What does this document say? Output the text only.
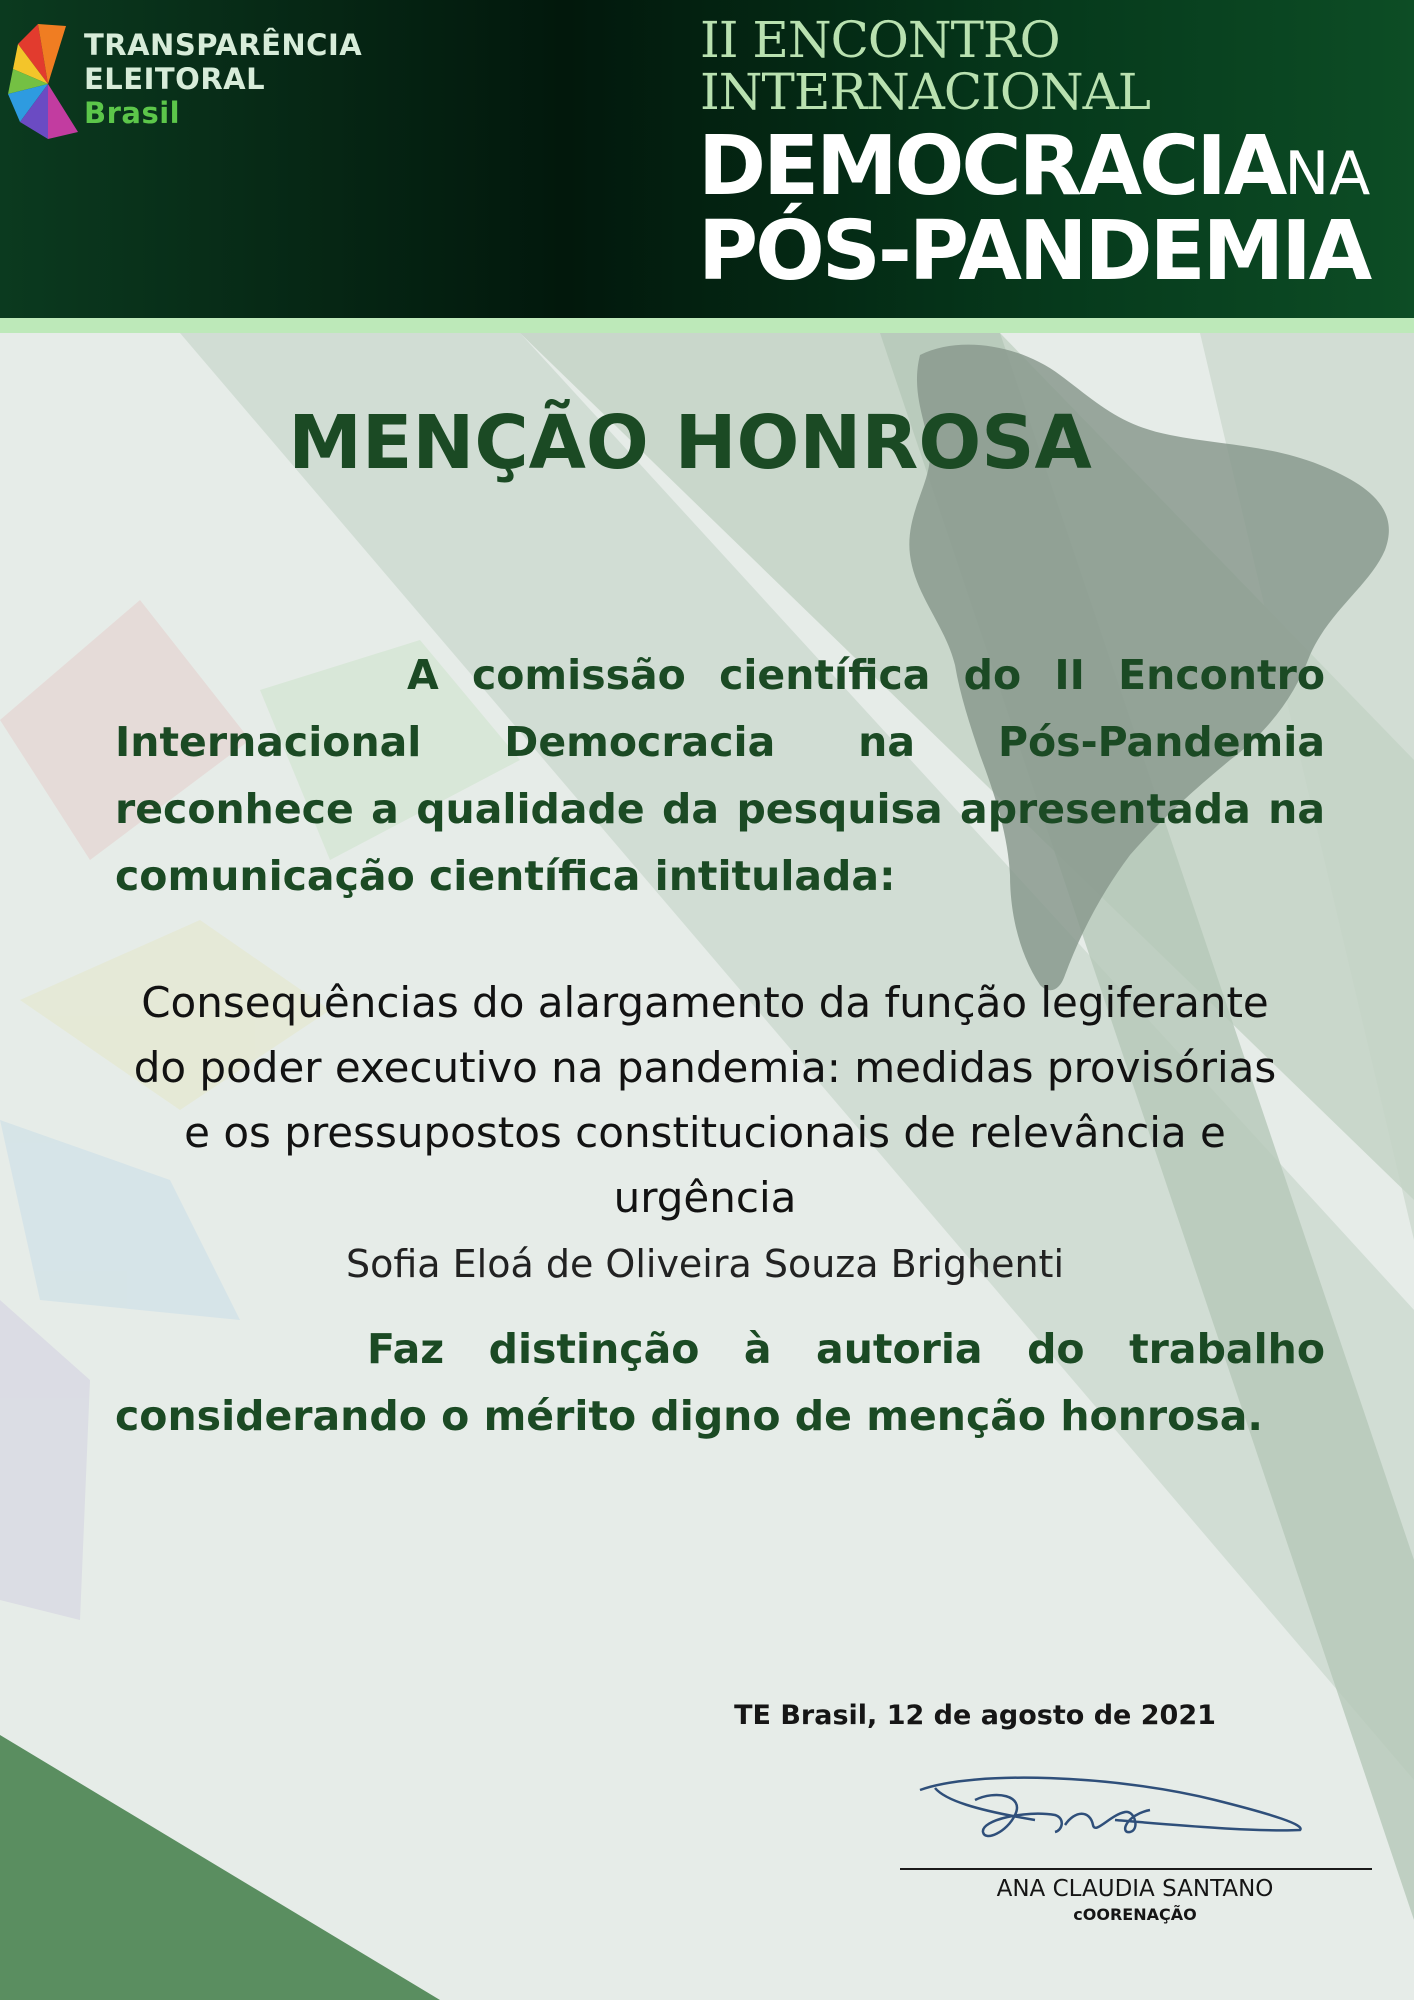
TRANSPARÊNCIA
ELEITORAL
Brasil
II ENCONTRO
INTERNACIONAL
DEMOCRACIANA
PÓS-PANDEMIA
MENÇÃO HONROSA
A comissão científica do II Encontro Internacional Democracia na Pós-Pandemia reconhece a qualidade da pesquisa apresentada na comunicação científica intitulada:
Consequências do alargamento da função legiferante
do poder executivo na pandemia: medidas provisórias
e os pressupostos constitucionais de relevância e
urgência
Sofia Eloá de Oliveira Souza Brighenti
Faz distinção à autoria do trabalho considerando o mérito digno de menção honrosa.
TE Brasil, 12 de agosto de 2021
ANA CLAUDIA SANTANO
cOORENAÇÃO
